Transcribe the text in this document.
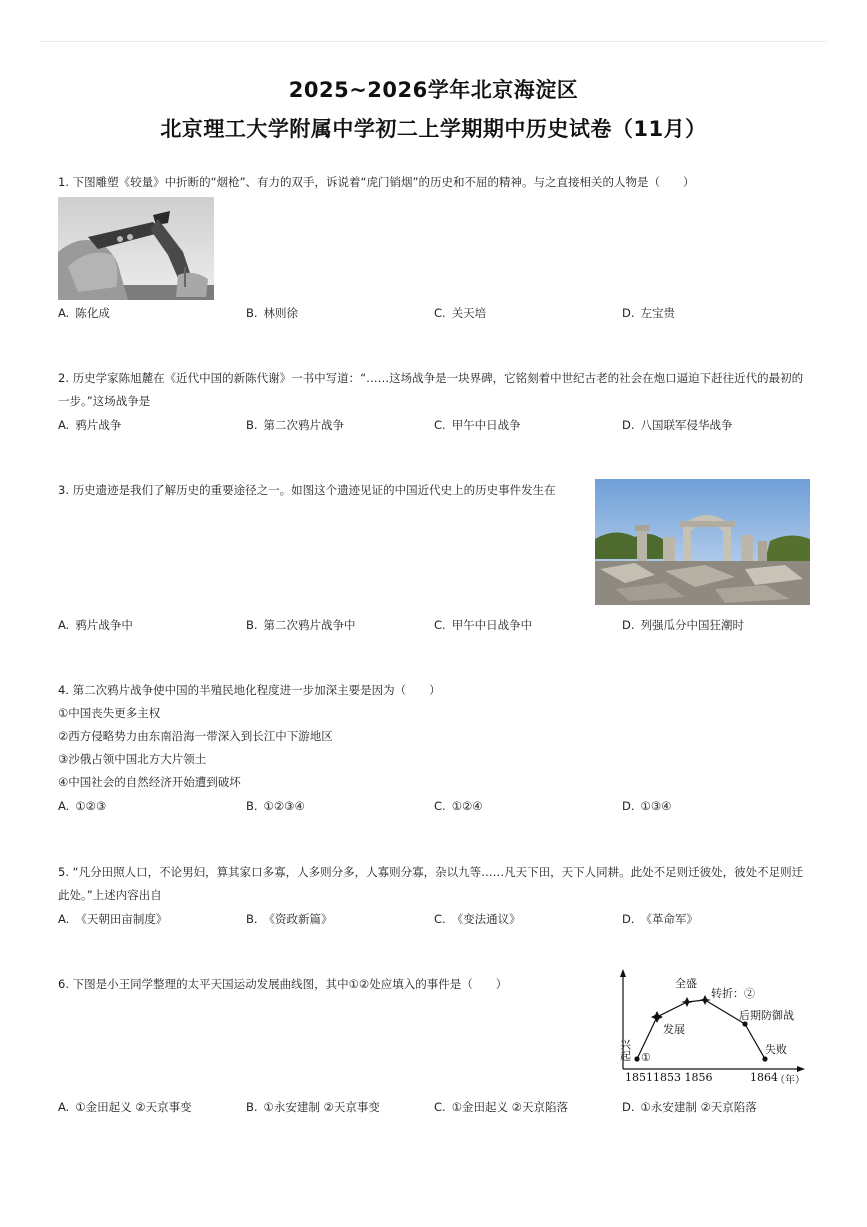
2025~2026学年北京海淀区
北京理工大学附属中学初二上学期期中历史试卷（11月）
1. 下图雕塑《较量》中折断的“烟枪”、有力的双手，诉说着“虎门销烟”的历史和不屈的精神。与之直接相关的人物是（　　）
A. 陈化成	B. 林则徐	C. 关天培	D. 左宝贵
2. 历史学家陈旭麓在《近代中国的新陈代谢》一书中写道：“……这场战争是一块界碑，它铭刻着中世纪古老的社会在炮口逼迫下赶往近代的最初的
一步。”这场战争是
A. 鸦片战争	B. 第二次鸦片战争	C. 甲午中日战争	D. 八国联军侵华战争
3. 历史遗迹是我们了解历史的重要途径之一。如图这个遗迹见证的中国近代史上的历史事件发生在
A. 鸦片战争中	B. 第二次鸦片战争中	C. 甲午中日战争中	D. 列强瓜分中国狂潮时
4. 第二次鸦片战争使中国的半殖民地化程度进一步加深主要是因为（　　）
①中国丧失更多主权
②西方侵略势力由东南沿海一带深入到长江中下游地区
③沙俄占领中国北方大片领土
④中国社会的自然经济开始遭到破坏
A. ①②③	B. ①②③④	C. ①②④	D. ①③④
5. “凡分田照人口，不论男妇，算其家口多寡，人多则分多，人寡则分寡，杂以九等……凡天下田，天下人同耕。此处不足则迁彼处，彼处不足则迁
此处。”上述内容出自
A. 《天朝田亩制度》	B. 《资政新篇》	C. 《变法通议》	D. 《革命军》
6. 下图是小王同学整理的太平天国运动发展曲线图，其中①②处应填入的事件是（　　）
兴起 ①
发展
全盛
转折：②
后期防御战
失败
18511853 1856	1864
（年）
A. ①金田起义 ②天京事变	B. ①永安建制 ②天京事变	C. ①金田起义 ②天京陷落	D. ①永安建制 ②天京陷落
